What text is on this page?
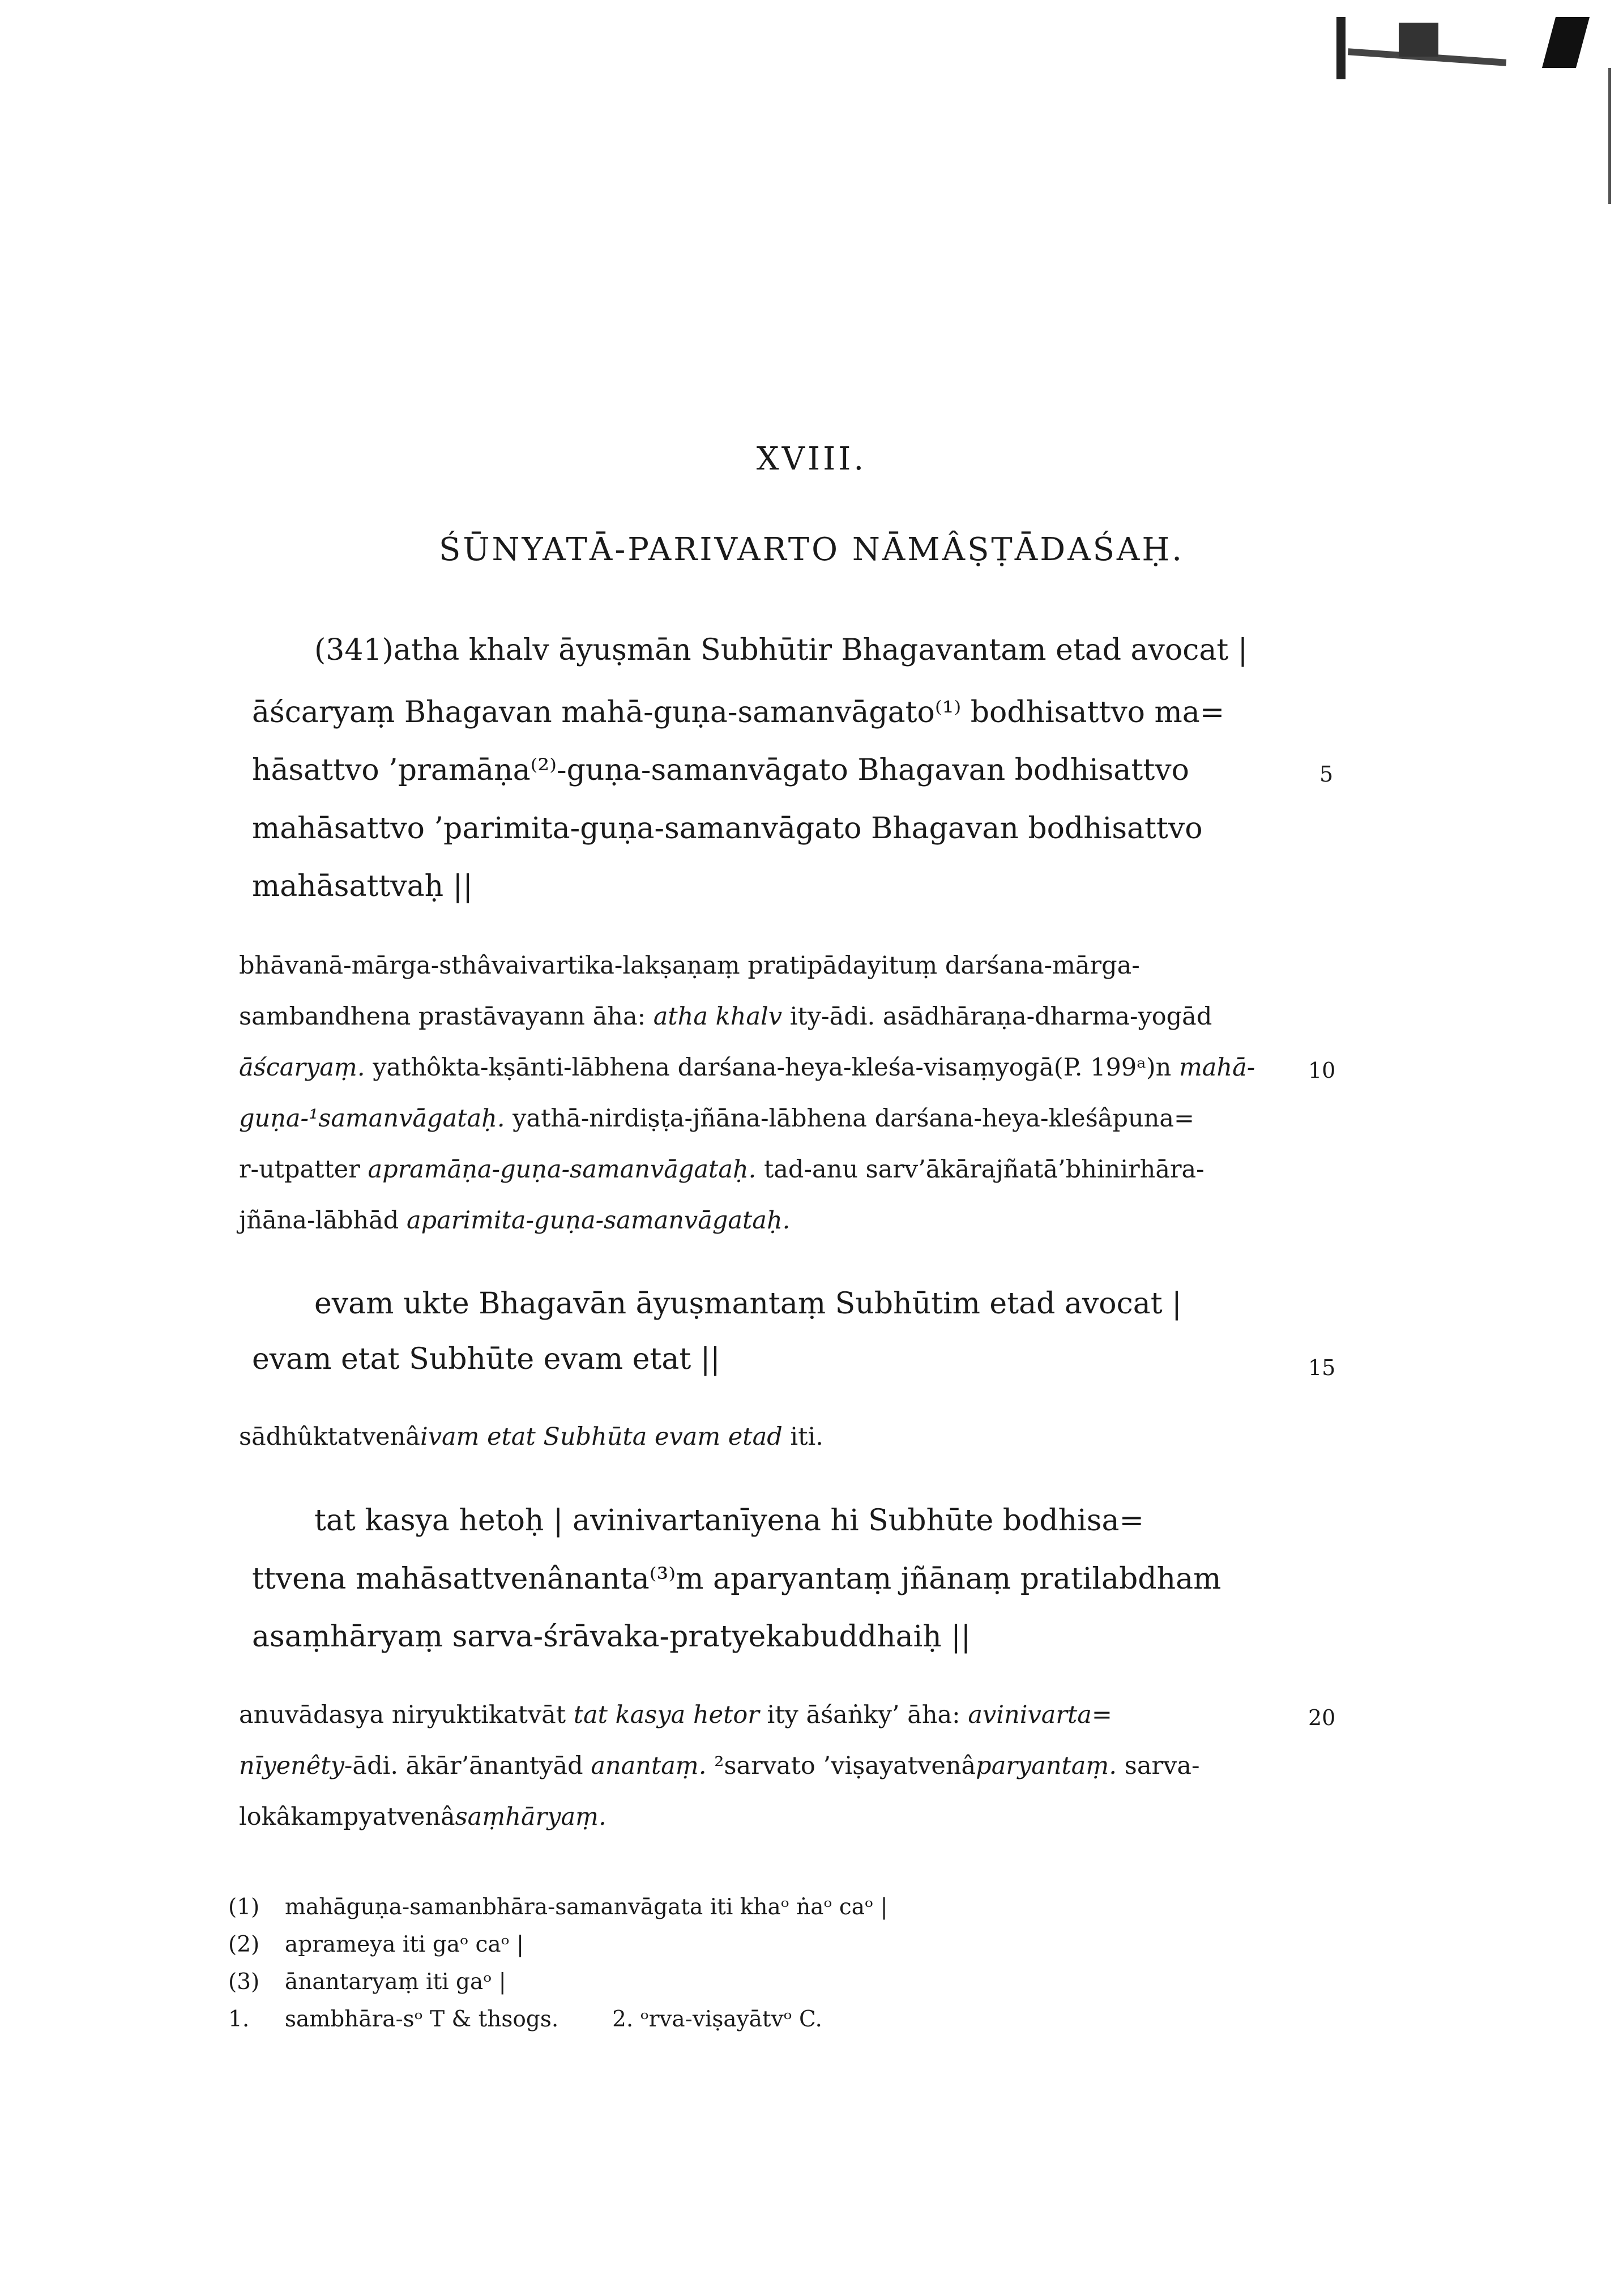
XVIII.
ŚŪNYATĀ-PARIVARTO NĀMÂṢṬĀDAŚAḤ.
(341)atha khalv āyuṣmān Subhūtir Bhagavantam etad avocat |
āścaryaṃ Bhagavan mahā-guṇa-samanvāgato⁽¹⁾ bodhisattvo ma=
hāsattvo ’pramāṇa⁽²⁾-guṇa-samanvāgato Bhagavan bodhisattvo
mahāsattvo ’parimita-guṇa-samanvāgato Bhagavan bodhisattvo
mahāsattvaḥ ||
bhāvanā-mārga-sthâvaivartika-lakṣaṇaṃ pratipādayituṃ darśana-mārga-
sambandhena prastāvayann āha: atha khalv ity-ādi. asādhāraṇa-dharma-yogād
āścaryaṃ. yathôkta-kṣānti-lābhena darśana-heya-kleśa-visaṃyogā(P. 199ᵃ)n mahā-
guṇa-¹samanvāgataḥ. yathā-nirdiṣṭa-jñāna-lābhena darśana-heya-kleśâpuna=
r-utpatter apramāṇa-guṇa-samanvāgataḥ. tad-anu sarv’ākārajñatā’bhinirhāra-
jñāna-lābhād aparimita-guṇa-samanvāgataḥ.
evam ukte Bhagavān āyuṣmantaṃ Subhūtim etad avocat |
evam etat Subhūte evam etat ||
sādhûktatvenâivam etat Subhūta evam etad iti.
tat kasya hetoḥ | avinivartanīyena hi Subhūte bodhisa=
ttvena mahāsattvenânanta⁽³⁾m aparyantaṃ jñānaṃ pratilabdham
asaṃhāryaṃ sarva-śrāvaka-pratyekabuddhaiḥ ||
anuvādasya niryuktikatvāt tat kasya hetor ity āśaṅky’ āha: avinivarta=
nīyenêty-ādi. ākār’ānantyād anantaṃ. ²sarvato ’viṣayatvenâparyantaṃ. sarva-
lokâkampyatvenâsaṃhāryaṃ.
5
10
15
20
(1) mahāguṇa-samanbhāra-samanvāgata iti khaᵒ ṅaᵒ caᵒ |
(2) aprameya iti gaᵒ caᵒ |
(3) ānantaryaṃ iti gaᵒ |
1. sambhāra-sᵒ T & thsogs. 2. ᵒrva-viṣayātvᵒ C.
